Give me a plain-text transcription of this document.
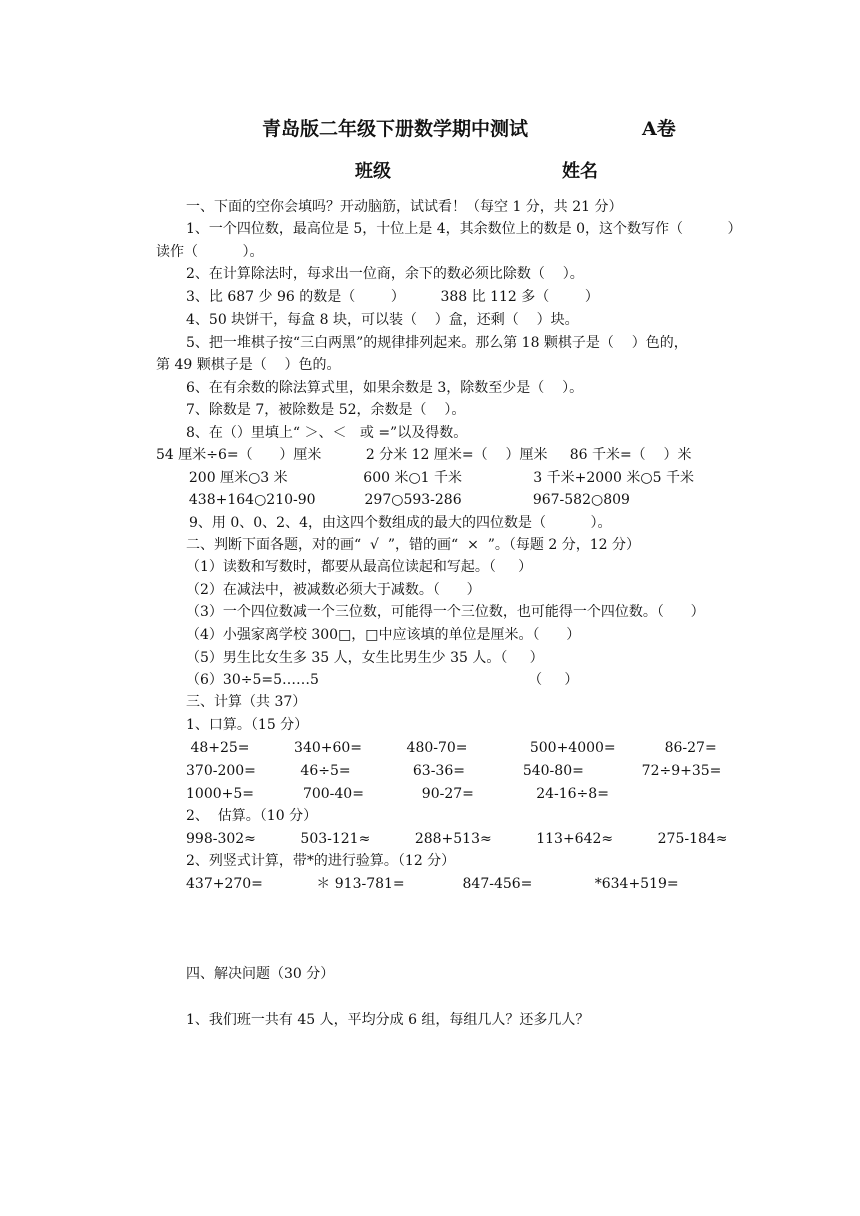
青岛版二年级下册数学期中测试	A卷
班级	姓名
一、下面的空你会填吗？开动脑筋，试试看！（每空 1 分，共 21 分）
1、一个四位数，最高位是 5，十位上是 4，其余数位上的数是 0，这个数写作（          ）
读作（          ）。
2、在计算除法时，每求出一位商，余下的数必须比除数（    ）。
3、比 687 少 96 的数是（        ）        388 比 112 多（        ）
4、50 块饼干，每盒 8 块，可以装（    ）盒，还剩（    ）块。
5、把一堆棋子按“三白两黑”的规律排列起来。那么第 18 颗棋子是（    ）色的，
第 49 颗棋子是（    ）色的。
6、在有余数的除法算式里，如果余数是 3，除数至少是（    ）。
7、除数是 7，被除数是 52，余数是（    ）。
8、在（）里填上“ ＞、＜   或 =”以及得数。
54 厘米÷6=（      ）厘米          2 分米 12 厘米=（    ）厘米     86 千米=（    ）米
200 厘米○3 米                 600 米○1 千米                3 千米+2000 米○5 千米
438+164○210-90           297○593-286                967-582○809
9、用 0、0、2、4，由这四个数组成的最大的四位数是（          ）。
二、判断下面各题，对的画“  √  ”，错的画“  ×  ”。（每题 2 分，12 分）
（1）读数和写数时，都要从最高位读起和写起。（     ）
（2）在减法中，被减数必须大于减数。（      ）
（3）一个四位数减一个三位数，可能得一个三位数，也可能得一个四位数。（      ）
（4）小强家离学校 300□，□中应该填的单位是厘米。（      ）
（5）男生比女生多 35 人，女生比男生少 35 人。（     ）
（6）30÷5=5……5                                               （     ）
三、计算（共 37）
1、口算。（15 分）
48+25=          340+60=          480-70=              500+4000=           86-27=
370-200=          46÷5=              63-36=             540-80=             72÷9+35=
1000+5=           700-40=             90-27=              24-16÷8=
2、  估算。（10 分）
998-302≈          503-121≈          288+513≈          113+642≈          275-184≈
2、列竖式计算，带*的进行验算。（12 分）
437+270=            ＊ 913-781=             847-456=              *634+519=
四、解决问题（30 分）
1、我们班一共有 45 人，平均分成 6 组，每组几人？还多几人？
